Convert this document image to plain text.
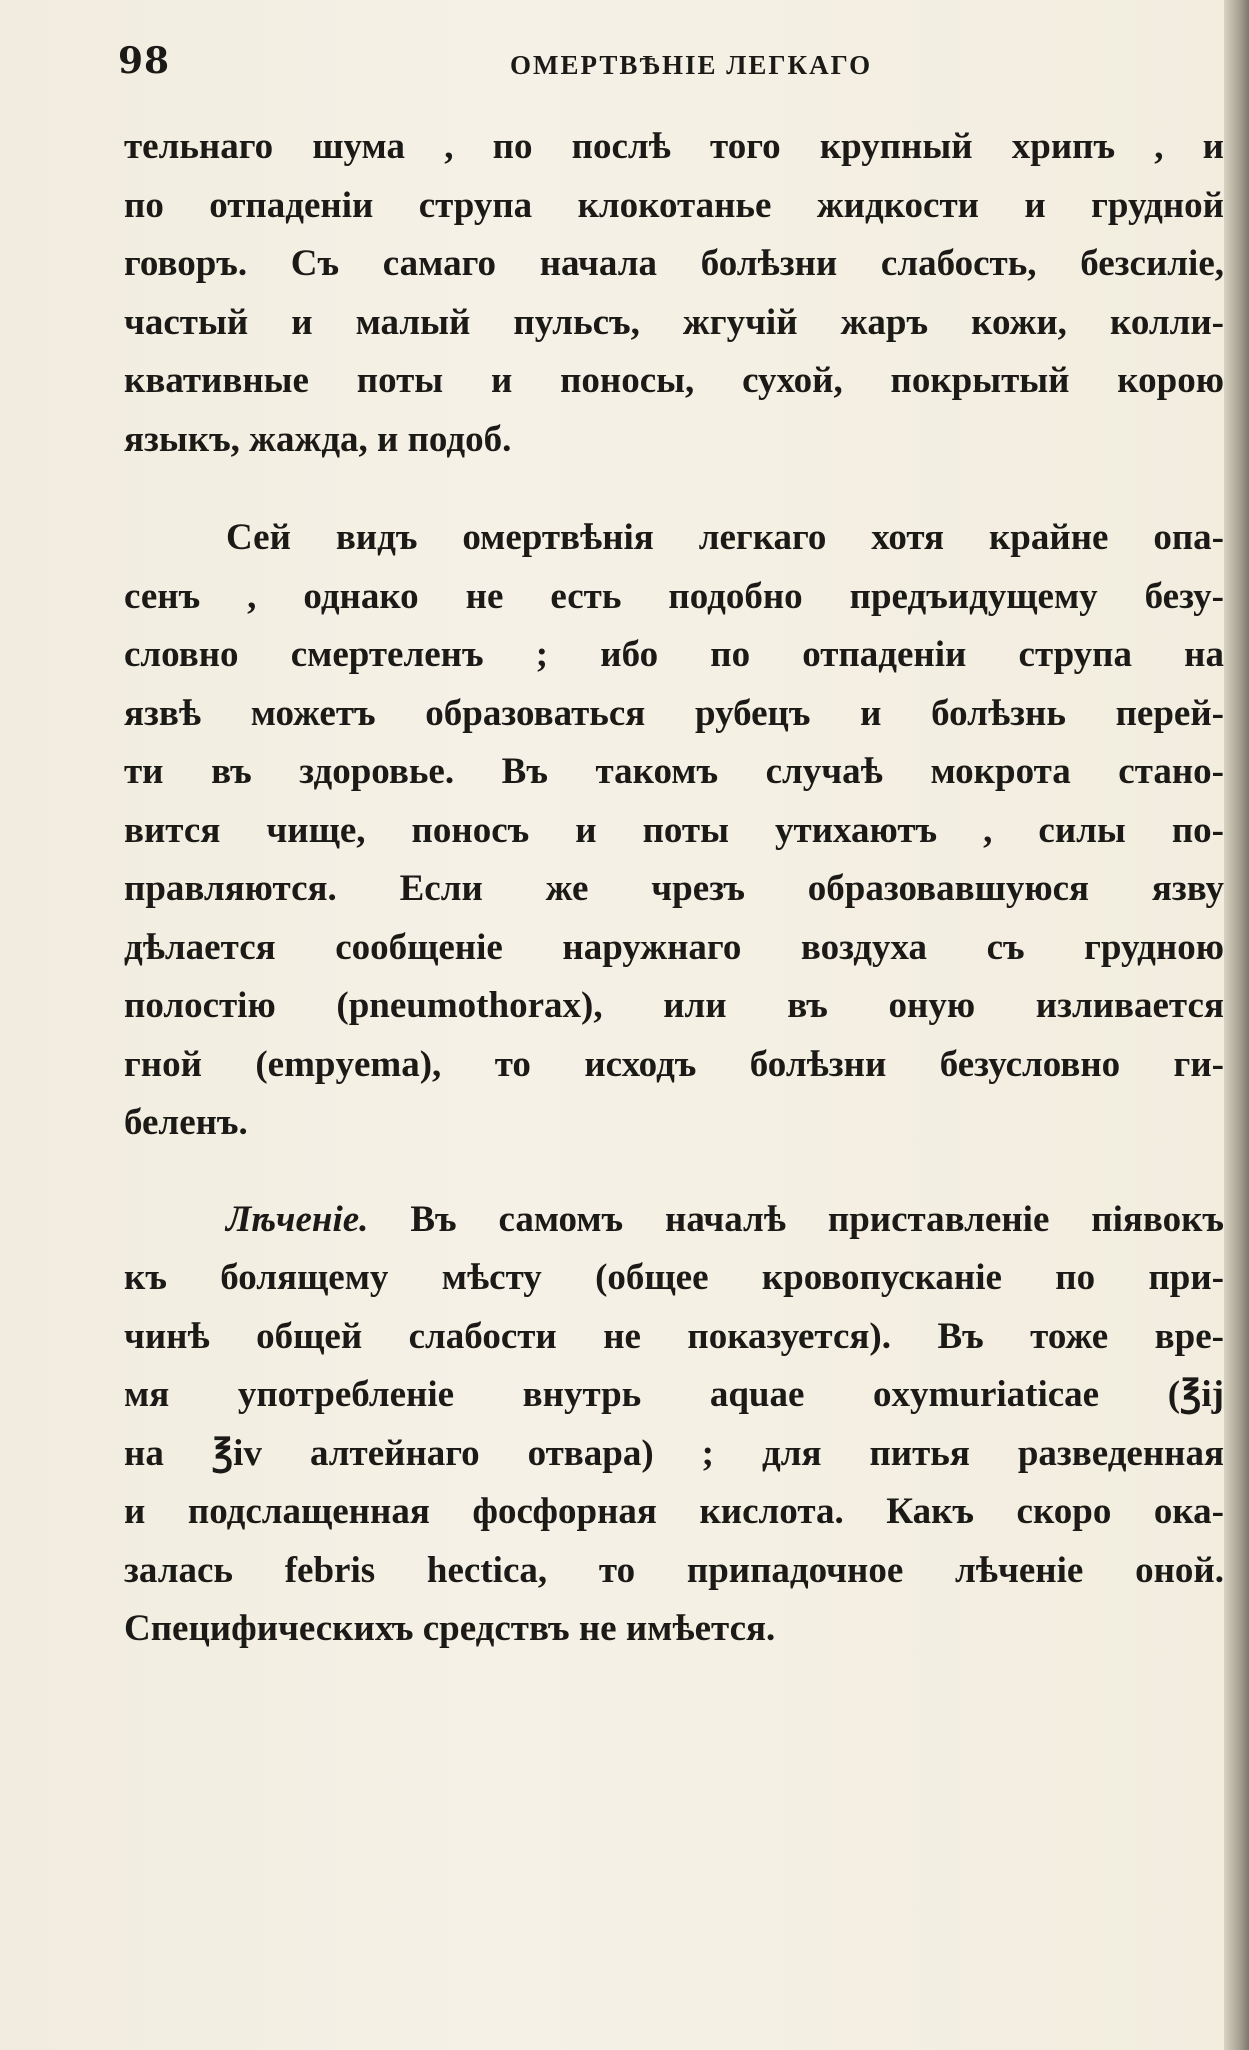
98	ОМЕРТВѢНІЕ ЛЕГКАГО
тельнаго шума , по послѣ того крупный хрипъ , и
по отпаденіи струпа клокотанье жидкости и грудной
говоръ. Съ самаго начала болѣзни слабость, безсиліе,
частый и малый пульсъ, жгучій жаръ кожи, колли-
квативные поты и поносы, сухой, покрытый корою
языкъ, жажда, и подоб.
Сей видъ омертвѣнія легкаго хотя крайне опа-
сенъ , однако не есть подобно предъидущему безу-
словно смертеленъ ; ибо по отпаденіи струпа на
язвѣ можетъ образоваться рубецъ и болѣзнь перей-
ти въ здоровье. Въ такомъ случаѣ мокрота стано-
вится чище, поносъ и поты утихаютъ , силы по-
правляются. Если же чрезъ образовавшуюся язву
дѣлается сообщеніе наружнаго воздуха съ грудною
полостію (pneumothorax), или въ оную изливается
гной (empyema), то исходъ болѣзни безусловно ги-
беленъ.
Лѣченіе. Въ самомъ началѣ приставленіе піявокъ
къ болящему мѣсту (общее кровопусканіе по при-
чинѣ общей слабости не показуется). Въ тоже вре-
мя употребленіе внутрь aquae oxymuriaticae (℥ij
на ℥iv алтейнаго отвара) ; для питья разведенная
и подслащенная фосфорная кислота. Какъ скоро ока-
залась febris hectica, то припадочное лѣченіе оной.
Специфическихъ средствъ не имѣется.
